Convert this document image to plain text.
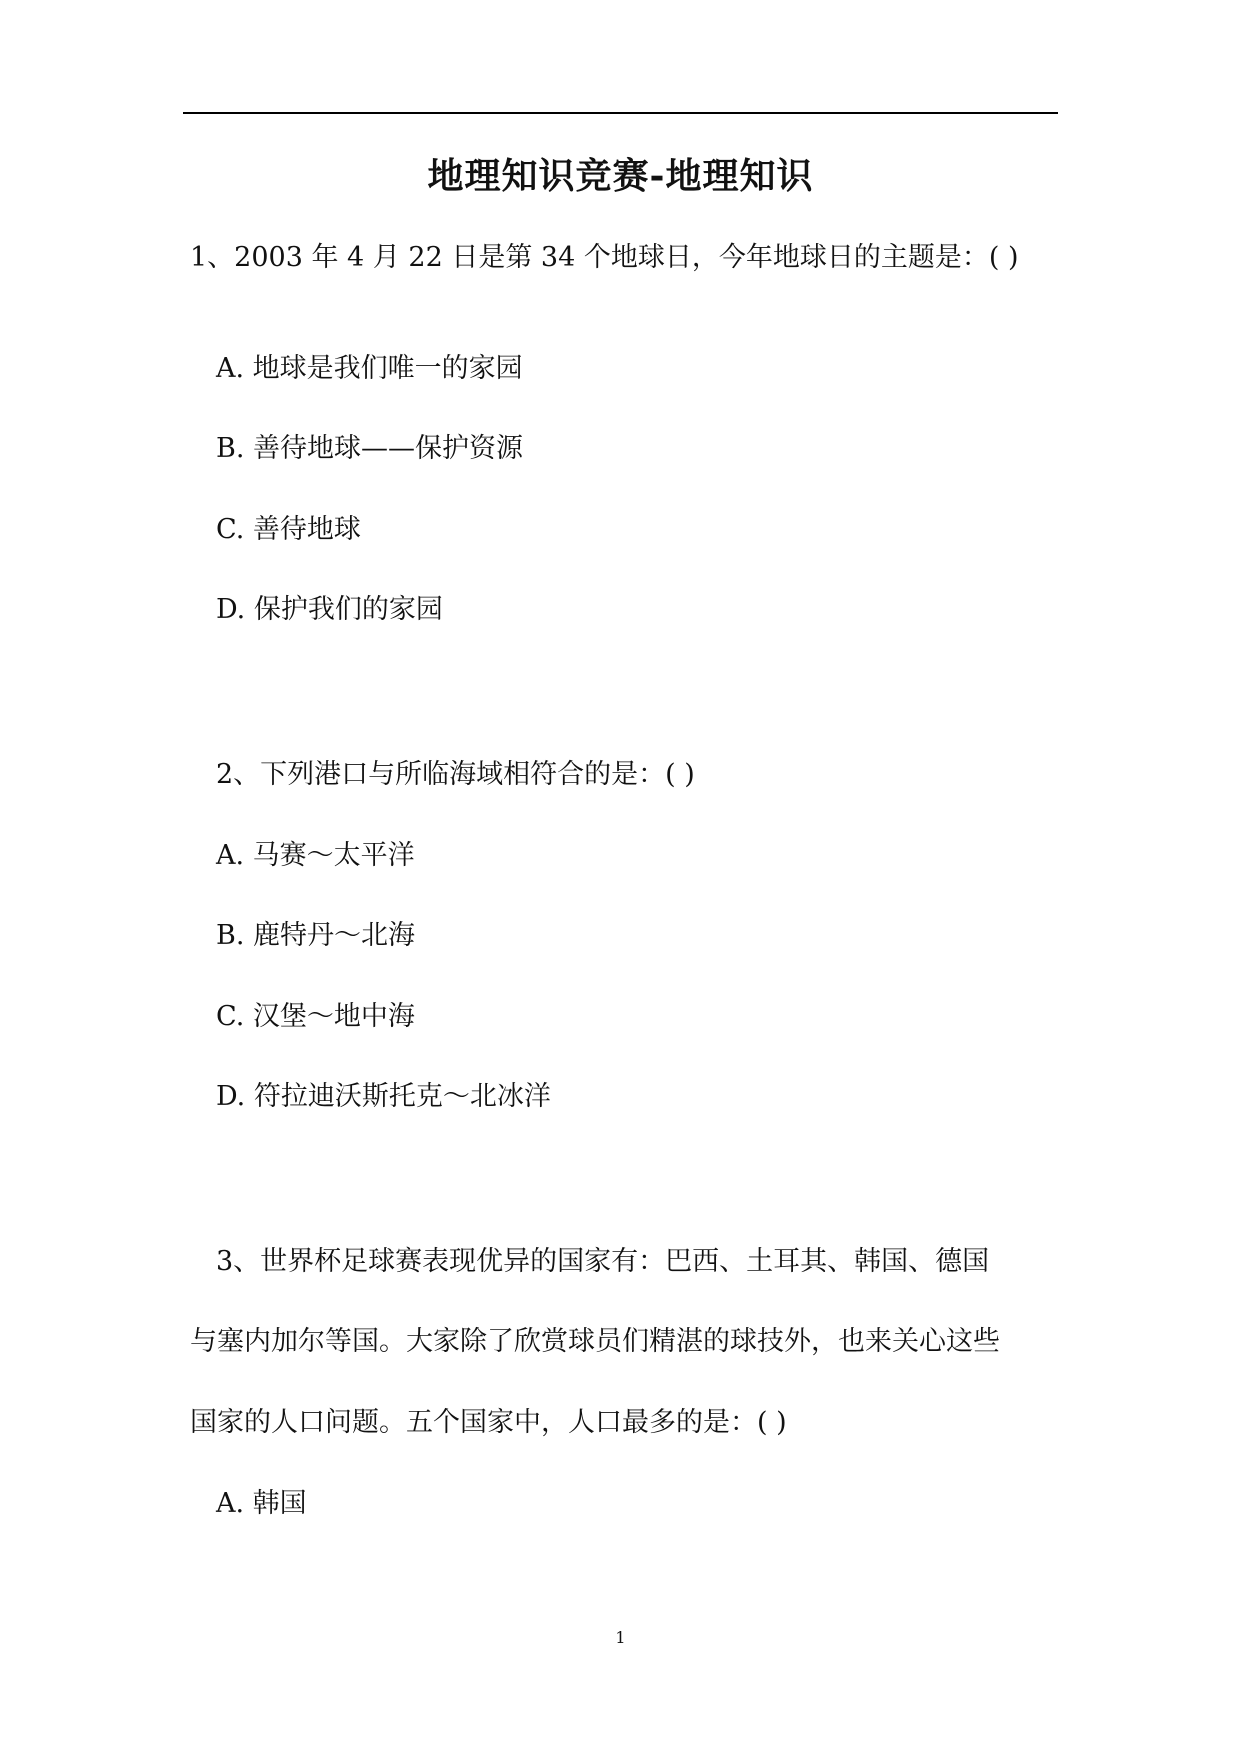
地理知识竞赛-地理知识
1、2003 年 4 月 22 日是第 34 个地球日，今年地球日的主题是：( )
A. 地球是我们唯一的家园
B. 善待地球——保护资源
C. 善待地球
D. 保护我们的家园
2、下列港口与所临海域相符合的是：( )
A. 马赛～太平洋
B. 鹿特丹～北海
C. 汉堡～地中海
D. 符拉迪沃斯托克～北冰洋
3、世界杯足球赛表现优异的国家有：巴西、土耳其、韩国、德国
与塞内加尔等国。大家除了欣赏球员们精湛的球技外，也来关心这些
国家的人口问题。五个国家中，人口最多的是：( )
A. 韩国
1
